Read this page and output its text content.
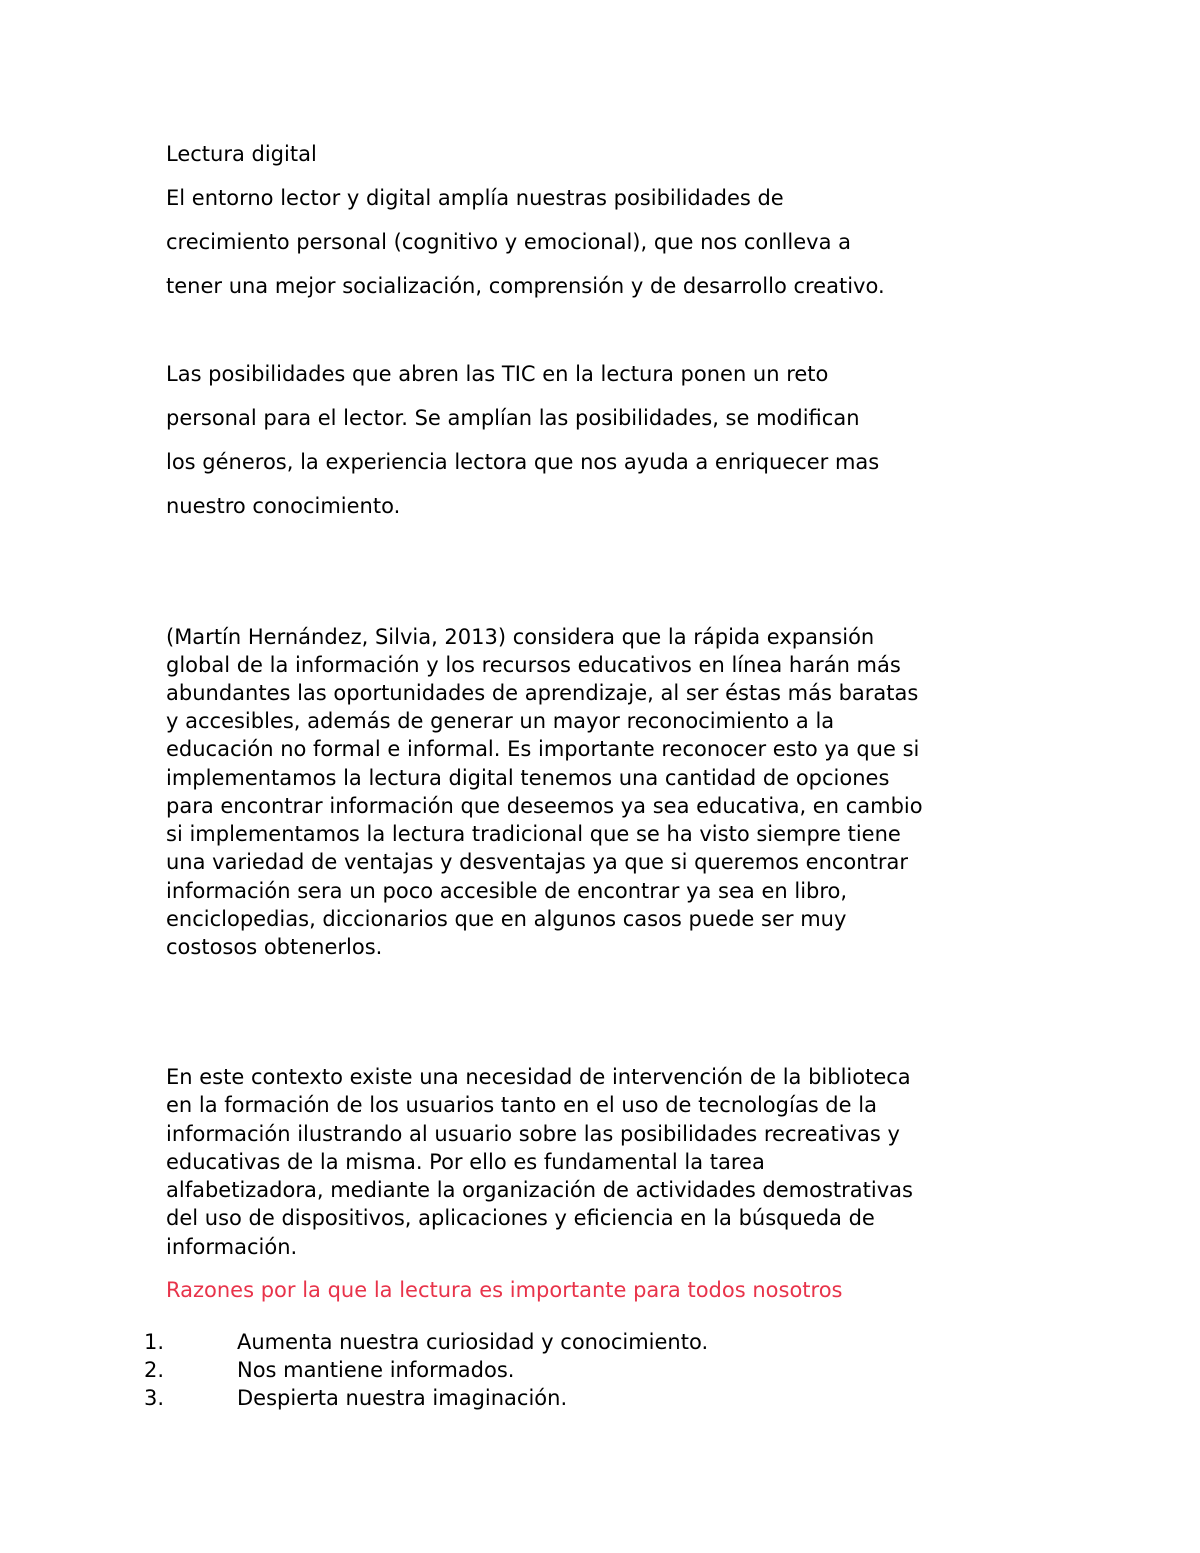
Lectura digital

El entorno lector y digital amplía nuestras posibilidades de

crecimiento personal (cognitivo y emocional), que nos conlleva a

tener una mejor socialización, comprensión y de desarrollo creativo.

Las posibilidades que abren las TIC en la lectura ponen un reto

personal para el lector. Se amplían las posibilidades, se modifican

los géneros, la experiencia lectora que nos ayuda a enriquecer mas

nuestro conocimiento.

(Martín Hernández, Silvia, 2013) considera que la rápida expansión

global de la información y los recursos educativos en línea harán más

abundantes las oportunidades de aprendizaje, al ser éstas más baratas

y accesibles, además de generar un mayor reconocimiento a la

educación no formal e informal. Es importante reconocer esto ya que si

implementamos la lectura digital tenemos una cantidad de opciones

para encontrar información que deseemos ya sea educativa, en cambio

si implementamos la lectura tradicional que se ha visto siempre tiene

una variedad de ventajas y desventajas ya que si queremos encontrar

información sera un poco accesible de encontrar ya sea en libro,

enciclopedias, diccionarios que en algunos casos puede ser muy

costosos obtenerlos.

En este contexto existe una necesidad de intervención de la biblioteca

en la formación de los usuarios tanto en el uso de tecnologías de la

información ilustrando al usuario sobre las posibilidades recreativas y

educativas de la misma. Por ello es fundamental la tarea

alfabetizadora, mediante la organización de actividades demostrativas

del uso de dispositivos, aplicaciones y eficiencia en la búsqueda de

información.

Razones por la que la lectura es importante para todos nosotros

1.	Aumenta nuestra curiosidad y conocimiento.
2.	Nos mantiene informados.
3.	Despierta nuestra imaginación.
